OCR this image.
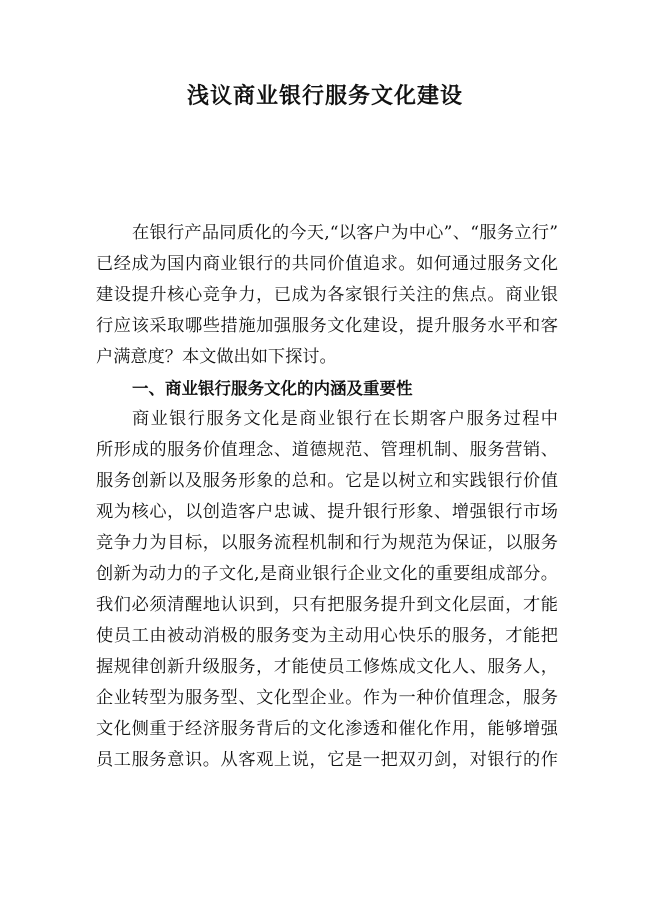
浅议商业银行服务文化建设
在银行产品同质化的今天,“以客户为中心”、“服务立行”
已经成为国内商业银行的共同价值追求。如何通过服务文化
建设提升核心竞争力，已成为各家银行关注的焦点。商业银
行应该采取哪些措施加强服务文化建设，提升服务水平和客
户满意度？本文做出如下探讨。
一、商业银行服务文化的内涵及重要性
商业银行服务文化是商业银行在长期客户服务过程中
所形成的服务价值理念、道德规范、管理机制、服务营销、
服务创新以及服务形象的总和。它是以树立和实践银行价值
观为核心，以创造客户忠诚、提升银行形象、增强银行市场
竞争力为目标，以服务流程机制和行为规范为保证，以服务
创新为动力的子文化,是商业银行企业文化的重要组成部分。
我们必须清醒地认识到，只有把服务提升到文化层面，才能
使员工由被动消极的服务变为主动用心快乐的服务，才能把
握规律创新升级服务，才能使员工修炼成文化人、服务人，
企业转型为服务型、文化型企业。作为一种价值理念，服务
文化侧重于经济服务背后的文化渗透和催化作用，能够增强
员工服务意识。从客观上说，它是一把双刃剑，对银行的作
